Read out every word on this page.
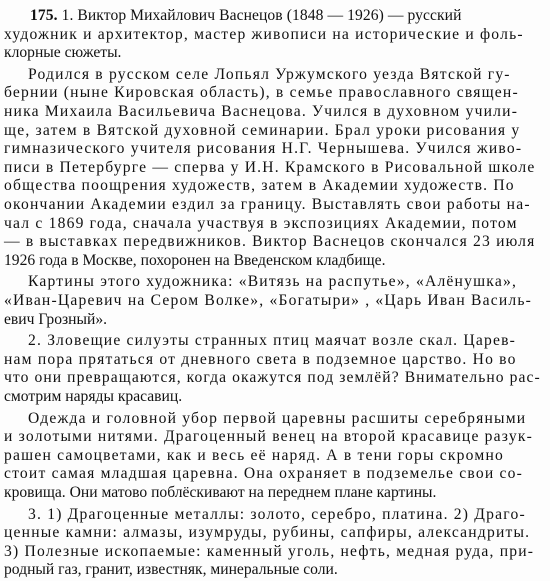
175. 1. Виктор Михайлович Васнецов (1848 — 1926) — русский
художник и архитектор, мастер живописи на исторические и фоль-
клорные сюжеты.
Родился в русском селе Лопьял Уржумского уезда Вятской гу-
бернии (ныне Кировская область), в семье православного священ-
ника Михаила Васильевича Васнецова. Учился в духовном учили-
ще, затем в Вятской духовной семинарии. Брал уроки рисования у
гимназического учителя рисования Н.Г. Чернышева. Учился живо-
писи в Петербурге — сперва у И.Н. Крамского в Рисовальной школе
общества поощрения художеств, затем в Академии художеств. По
окончании Академии ездил за границу. Выставлять свои работы на-
чал с 1869 года, сначала участвуя в экспозициях Академии, потом
— в выставках передвижников. Виктор Васнецов скончался 23 июля
1926 года в Москве, похоронен на Введенском кладбище.
Картины этого художника: «Витязь на распутье», «Алёнушка»,
«Иван-Царевич на Сером Волке», «Богатыри» , «Царь Иван Василь-
евич Грозный».
2. Зловещие силуэты странных птиц маячат возле скал. Царев-
нам пора прятаться от дневного света в подземное царство. Но во
что они превращаются, когда окажутся под землёй? Внимательно рас-
смотрим наряды красавиц.
Одежда и головной убор первой царевны расшиты серебряными
и золотыми нитями. Драгоценный венец на второй красавице разук-
рашен самоцветами, как и весь её наряд. А в тени горы скромно
стоит самая младшая царевна. Она охраняет в подземелье свои со-
кровища. Они матово поблёскивают на переднем плане картины.
3. 1) Драгоценные металлы: золото, серебро, платина. 2) Драго-
ценные камни: алмазы, изумруды, рубины, сапфиры, александриты.
3) Полезные ископаемые: каменный уголь, нефть, медная руда, при-
родный газ, гранит, известняк, минеральные соли.
